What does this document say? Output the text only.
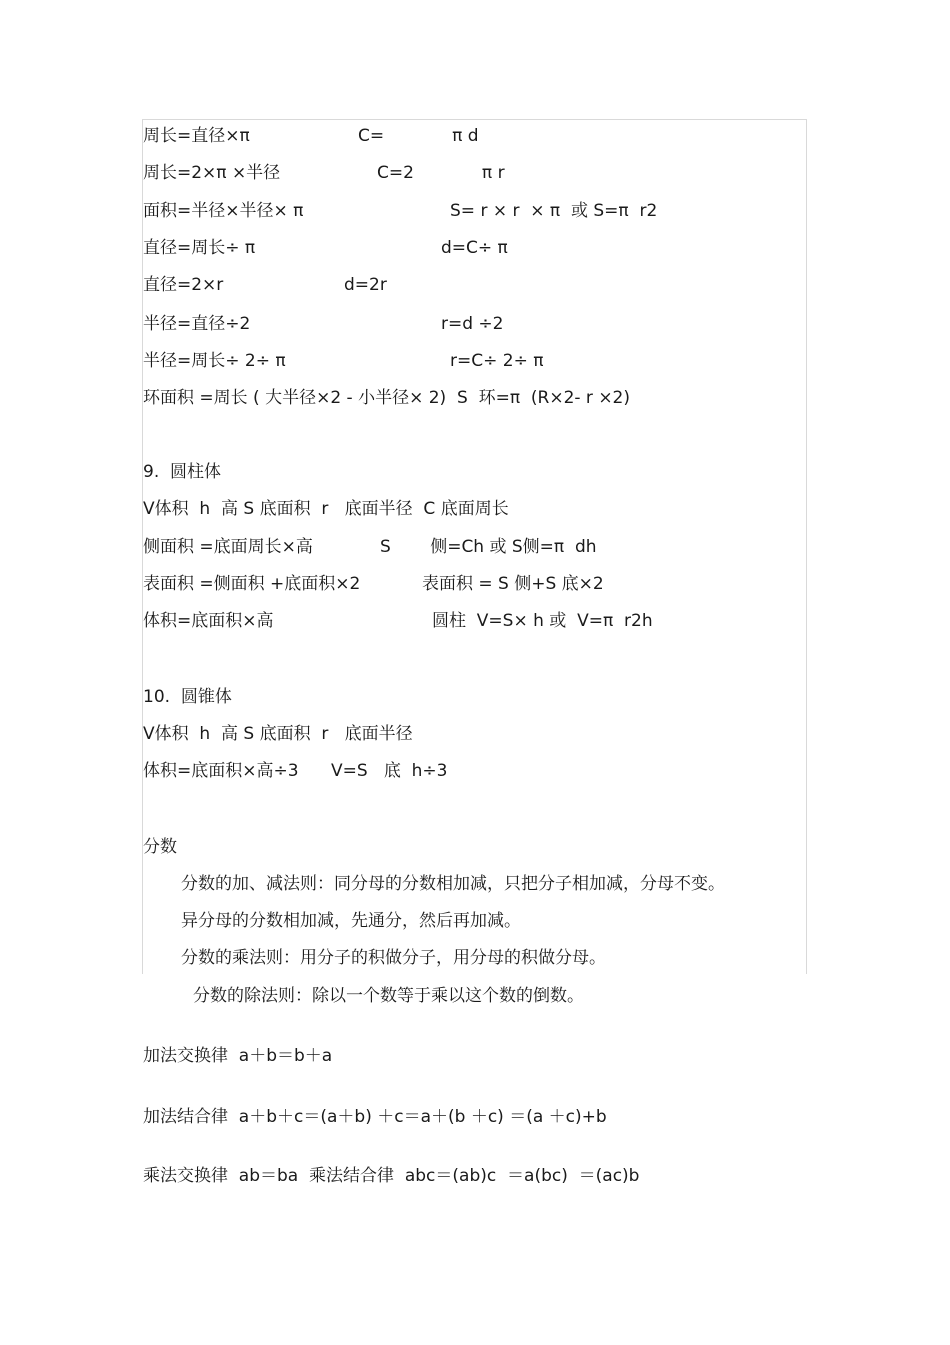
周长=直径×π	C=　　　　π d
周长=2×π ×半径	C=2　　　　π r
面积=半径×半径× π	S= r × r  × π  或 S=π  r2
直径=周长÷ π	d=C÷ π
直径=2×r	d=2r
半径=直径÷2	r=d ÷2
半径=周长÷ 2÷ π	r=C÷ 2÷ π
环面积 =周长 ( 大半径×2 - 小半径× 2)  S  环=π  (R×2- r ×2)
9.  圆柱体
V体积  h  高 S 底面积  r   底面半径  C 底面周长
侧面积 =底面周长×高	S　　 侧=Ch 或 S侧=π  dh
表面积 =侧面积 +底面积×2	表面积 = S 侧+S 底×2
体积=底面积×高	圆柱  V=S× h 或  V=π  r2h
10.  圆锥体
V体积  h  高 S 底面积  r   底面半径
体积=底面积×高÷3      V=S   底  h÷3
分数
分数的加、减法则：同分母的分数相加减，只把分子相加减，分母不变。
异分母的分数相加减，先通分，然后再加减。
分数的乘法则：用分子的积做分子，用分母的积做分母。
分数的除法则：除以一个数等于乘以这个数的倒数。
加法交换律  a＋b＝b＋a
加法结合律  a＋b＋c＝(a＋b) ＋c＝a＋(b ＋c) ＝(a ＋c)+b
乘法交换律  ab＝ba  乘法结合律  abc＝(ab)c  ＝a(bc)  ＝(ac)b
